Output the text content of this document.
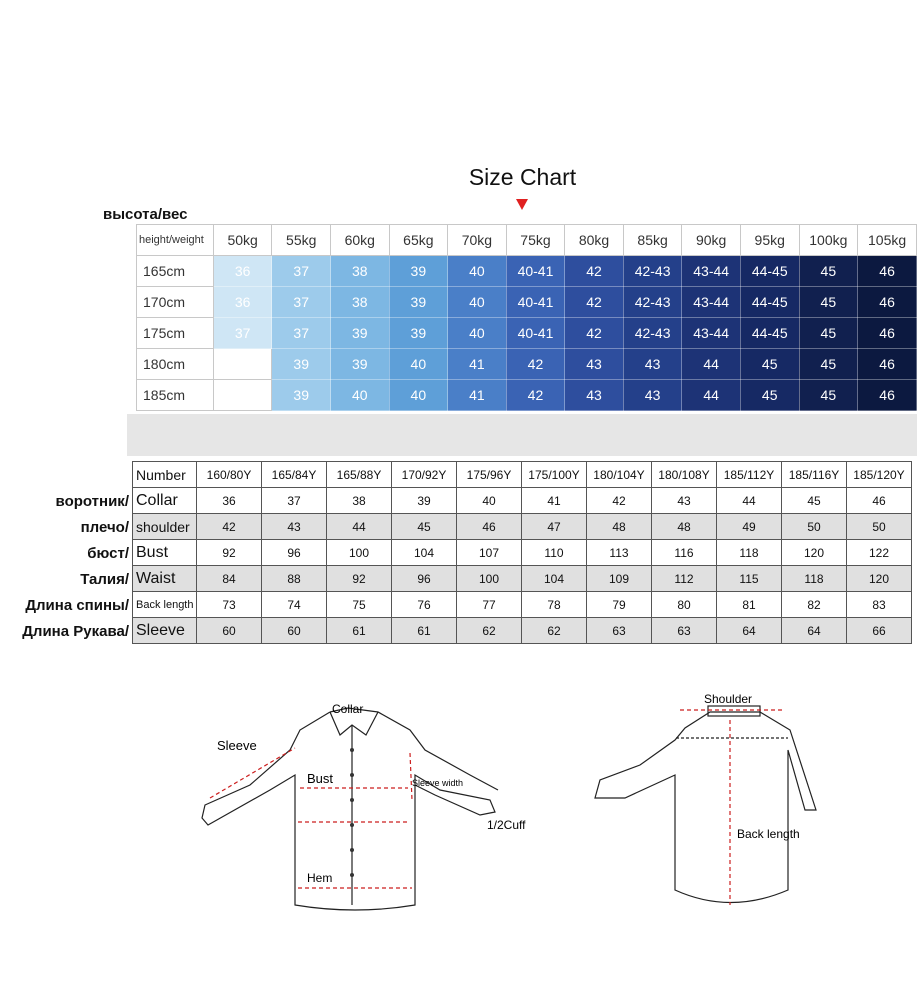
Size Chart
высота/вес
height/weight	50kg	55kg	60kg	65kg	70kg	75kg	80kg	85kg	90kg	95kg	100kg	105kg
165cm	36	37	38	39	40	40-41	42	42-43	43-44	44-45	45	46
170cm	36	37	38	39	40	40-41	42	42-43	43-44	44-45	45	46
175cm	37	37	39	39	40	40-41	42	42-43	43-44	44-45	45	46
180cm		39	39	40	41	42	43	43	44	45	45	46
185cm		39	40	40	41	42	43	43	44	45	45	46
воротник/
плечо/
бюст/
Талия/
Длина спины/
Длина Рукава/
Number	160/80Y	165/84Y	165/88Y	170/92Y	175/96Y	175/100Y	180/104Y	180/108Y	185/112Y	185/116Y	185/120Y
Collar	36	37	38	39	40	41	42	43	44	45	46
shoulder	42	43	44	45	46	47	48	48	49	50	50
Bust	92	96	100	104	107	110	113	116	118	120	122
Waist	84	88	92	96	100	104	109	112	115	118	120
Back length	73	74	75	76	77	78	79	80	81	82	83
Sleeve	60	60	61	61	62	62	63	63	64	64	66
Collar
Sleeve
Bust	Sleeve width
1/2Cuff
Hem
Shoulder
Back length
